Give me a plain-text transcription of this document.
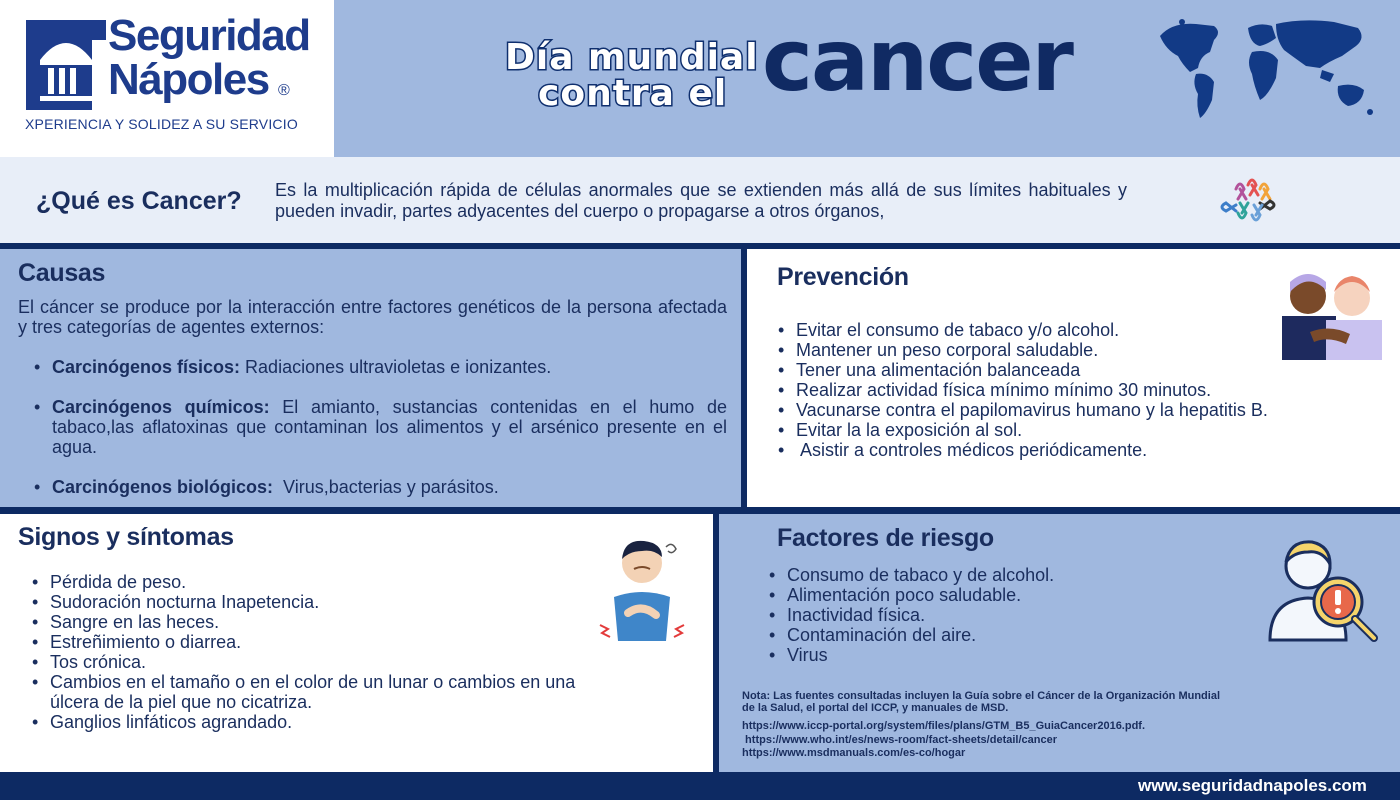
Seguridad
Nápoles ®
XPERIENCIA Y SOLIDEZ A SU SERVICIO
Día mundial
contra el cancer
¿Qué es Cancer? Es la multiplicación rápida de células anormales que se extienden más allá de sus límites habituales y pueden invadir, partes adyacentes del cuerpo o propagarse a otros órganos,
Causas
El cáncer se produce por la interacción entre factores genéticos de la persona afectada y tres categorías de agentes externos:
• Carcinógenos físicos: Radiaciones ultravioletas e ionizantes.
• Carcinógenos químicos: El amianto, sustancias contenidas en el humo de tabaco,las aflatoxinas que contaminan los alimentos y el arsénico presente en el agua.
• Carcinógenos biológicos:  Virus,bacterias y parásitos.
Prevención
• Evitar el consumo de tabaco y/o alcohol.
• Mantener un peso corporal saludable.
• Tener una alimentación balanceada
• Realizar actividad física mínimo mínimo 30 minutos.
• Vacunarse contra el papilomavirus humano y la hepatitis B.
• Evitar la la exposición al sol.
•  Asistir a controles médicos periódicamente.
Signos y síntomas
• Pérdida de peso.
• Sudoración nocturna Inapetencia.
• Sangre en las heces.
• Estreñimiento o diarrea.
• Tos crónica.
• Cambios en el tamaño o en el color de un lunar o cambios en una úlcera de la piel que no cicatriza.
• Ganglios linfáticos agrandado.
Factores de riesgo
• Consumo de tabaco y de alcohol.
• Alimentación poco saludable.
• Inactividad física.
• Contaminación del aire.
• Virus
Nota: Las fuentes consultadas incluyen la Guía sobre el Cáncer de la Organización Mundial de la Salud, el portal del ICCP, y manuales de MSD.
https://www.iccp-portal.org/system/files/plans/GTM_B5_GuiaCancer2016.pdf.
https://www.who.int/es/news-room/fact-sheets/detail/cancer
https://www.msdmanuals.com/es-co/hogar
www.seguridadnapoles.com
